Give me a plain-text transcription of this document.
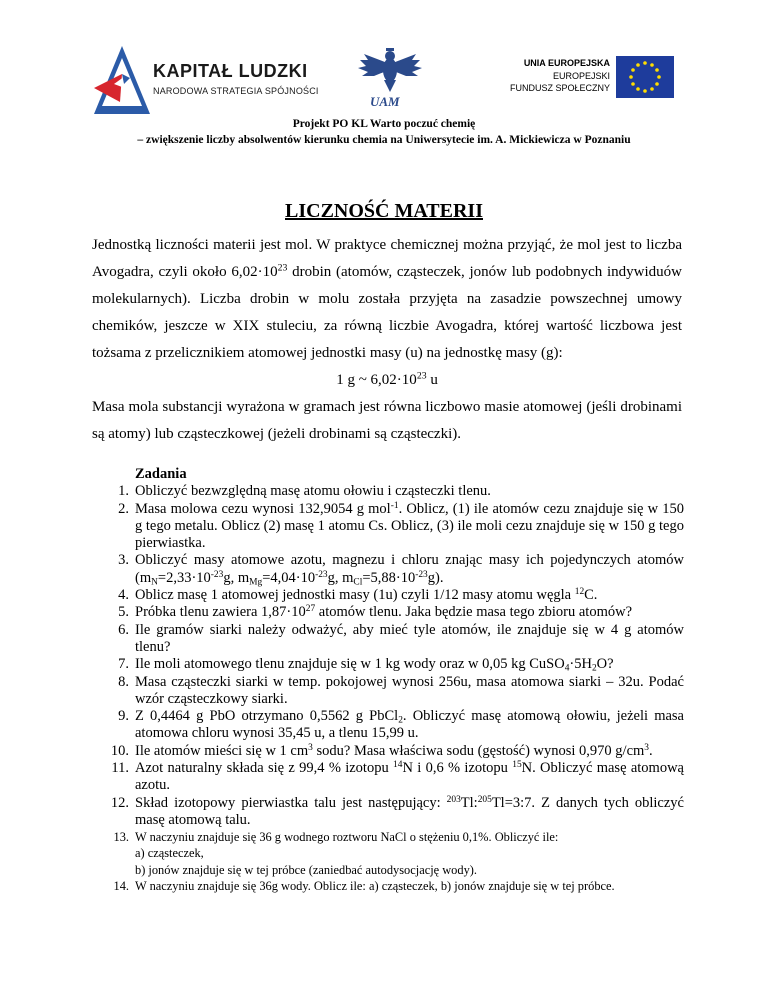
KAPITAŁ LUDZKI
NARODOWA STRATEGIA SPÓJNOŚCI
UAM
UNIA EUROPEJSKA
EUROPEJSKI
FUNDUSZ SPOŁECZNY
Projekt PO KL Warto poczuć chemię
– zwiększenie liczby absolwentów kierunku chemia na Uniwersytecie im. A. Mickiewicza w Poznaniu
LICZNOŚĆ MATERII

Jednostką liczności materii jest mol. W praktyce chemicznej można przyjąć, że mol jest to liczba Avogadra, czyli około $6,02\cdot 10^{23}$ drobin (atomów, cząsteczek, jonów lub podobnych indywiduów molekularnych). Liczba drobin w molu została przyjęta na zasadzie powszechnej umowy chemików, jeszcze w XIX stuleciu, za równą liczbie Avogadra, której wartość liczbowa jest tożsama z przelicznikiem atomowej jednostki masy (u) na jednostkę masy (g):

1 g ~ $6,02\cdot 10^{23}$ u

Masa mola substancji wyrażona w gramach jest równa liczbowo masie atomowej (jeśli drobinami są atomy) lub cząsteczkowej (jeżeli drobinami są cząsteczki).

Zadania
1. Obliczyć bezwzględną masę atomu ołowiu i cząsteczki tlenu.
2. Masa molowa cezu wynosi 132,9054 g mol$^{-1}$. Oblicz, (1) ile atomów cezu znajduje się w 150 g tego metalu. Oblicz (2) masę 1 atomu Cs. Oblicz, (3) ile moli cezu znajduje się w 150 g tego pierwiastka.
3. Obliczyć masy atomowe azotu, magnezu i chloru znając masy ich pojedynczych atomów ($m_N=2,33\cdot 10^{-23}g$, $m_{Mg}=4,04\cdot 10^{-23}g$, $m_{Cl}=5,88\cdot 10^{-23}g$).
4. Oblicz masę 1 atomowej jednostki masy (1u) czyli 1/12 masy atomu węgla $^{12}$C.
5. Próbka tlenu zawiera $1,87\cdot 10^{27}$ atomów tlenu. Jaka będzie masa tego zbioru atomów?
6. Ile gramów siarki należy odważyć, aby mieć tyle atomów, ile znajduje się w 4 g atomów tlenu?
7. Ile moli atomowego tlenu znajduje się w 1 kg wody oraz w 0,05 kg $CuSO_4\cdot 5H_2O$?
8. Masa cząsteczki siarki w temp. pokojowej wynosi 256u, masa atomowa siarki – 32u. Podać wzór cząsteczkowy siarki.
9. Z 0,4464 g PbO otrzymano 0,5562 g PbCl$_2$. Obliczyć masę atomową ołowiu, jeżeli masa atomowa chloru wynosi 35,45 u, a tlenu 15,99 u.
10. Ile atomów mieści się w 1 $cm^3$ sodu? Masa właściwa sodu (gęstość) wynosi 0,970 $g/cm^3$.
11. Azot naturalny składa się z 99,4 % izotopu $^{14}$N i 0,6 % izotopu $^{15}$N. Obliczyć masę atomową azotu.
12. Skład izotopowy pierwiastka talu jest następujący: $^{203}$Tl:$^{205}$Tl=3:7. Z danych tych obliczyć masę atomową talu.
13. W naczyniu znajduje się 36 g wodnego roztworu NaCl o stężeniu 0,1%. Obliczyć ile:
a) cząsteczek,
b) jonów znajduje się w tej próbce (zaniedbać autodysocjację wody).
14. W naczyniu znajduje się 36g wody. Oblicz ile: a) cząsteczek, b) jonów znajduje się w tej próbce.
